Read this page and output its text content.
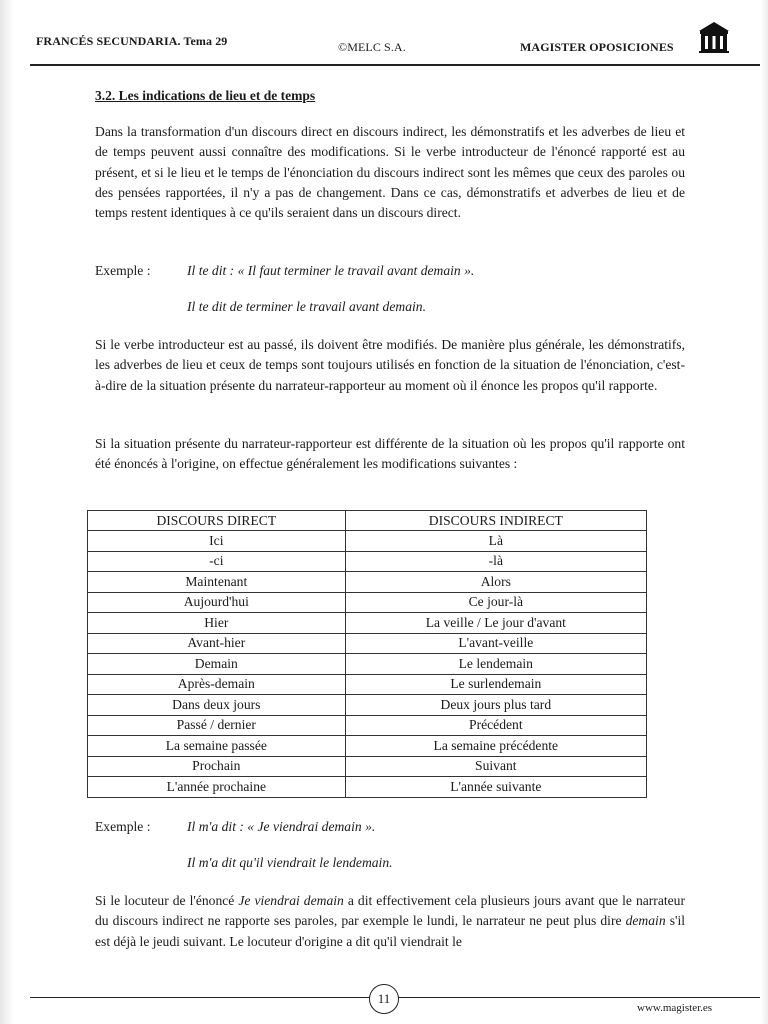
FRANCÉS SECUNDARIA. Tema 29	©MELC S.A.	MAGISTER OPOSICIONES
3.2. Les indications de lieu et de temps
Dans la transformation d'un discours direct en discours indirect, les démonstratifs et les adverbes de lieu et de temps peuvent aussi connaître des modifications. Si le verbe introducteur de l'énoncé rapporté est au présent, et si le lieu et le temps de l'énonciation du discours indirect sont les mêmes que ceux des paroles ou des pensées rapportées, il n'y a pas de changement. Dans ce cas, démonstratifs et adverbes de lieu et de temps restent identiques à ce qu'ils seraient dans un discours direct.
Exemple :	Il te dit : « Il faut terminer le travail avant demain ».
Il te dit de terminer le travail avant demain.
Si le verbe introducteur est au passé, ils doivent être modifiés. De manière plus générale, les démonstratifs, les adverbes de lieu et ceux de temps sont toujours utilisés en fonction de la situation de l'énonciation, c'est-à-dire de la situation présente du narrateur-rapporteur au moment où il énonce les propos qu'il rapporte.
Si la situation présente du narrateur-rapporteur est différente de la situation où les propos qu'il rapporte ont été énoncés à l'origine, on effectue généralement les modifications suivantes :
DISCOURS DIRECT	DISCOURS INDIRECT
Ici	Là
-ci	-là
Maintenant	Alors
Aujourd'hui	Ce jour-là
Hier	La veille / Le jour d'avant
Avant-hier	L'avant-veille
Demain	Le lendemain
Après-demain	Le surlendemain
Dans deux jours	Deux jours plus tard
Passé / dernier	Précédent
La semaine passée	La semaine précédente
Prochain	Suivant
L'année prochaine	L'année suivante
Exemple :	Il m'a dit : « Je viendrai demain ».
Il m'a dit qu'il viendrait le lendemain.
Si le locuteur de l'énoncé Je viendrai demain a dit effectivement cela plusieurs jours avant que le narrateur du discours indirect ne rapporte ses paroles, par exemple le lundi, le narrateur ne peut plus dire demain s'il est déjà le jeudi suivant. Le locuteur d'origine a dit qu'il viendrait le
11
www.magister.es
